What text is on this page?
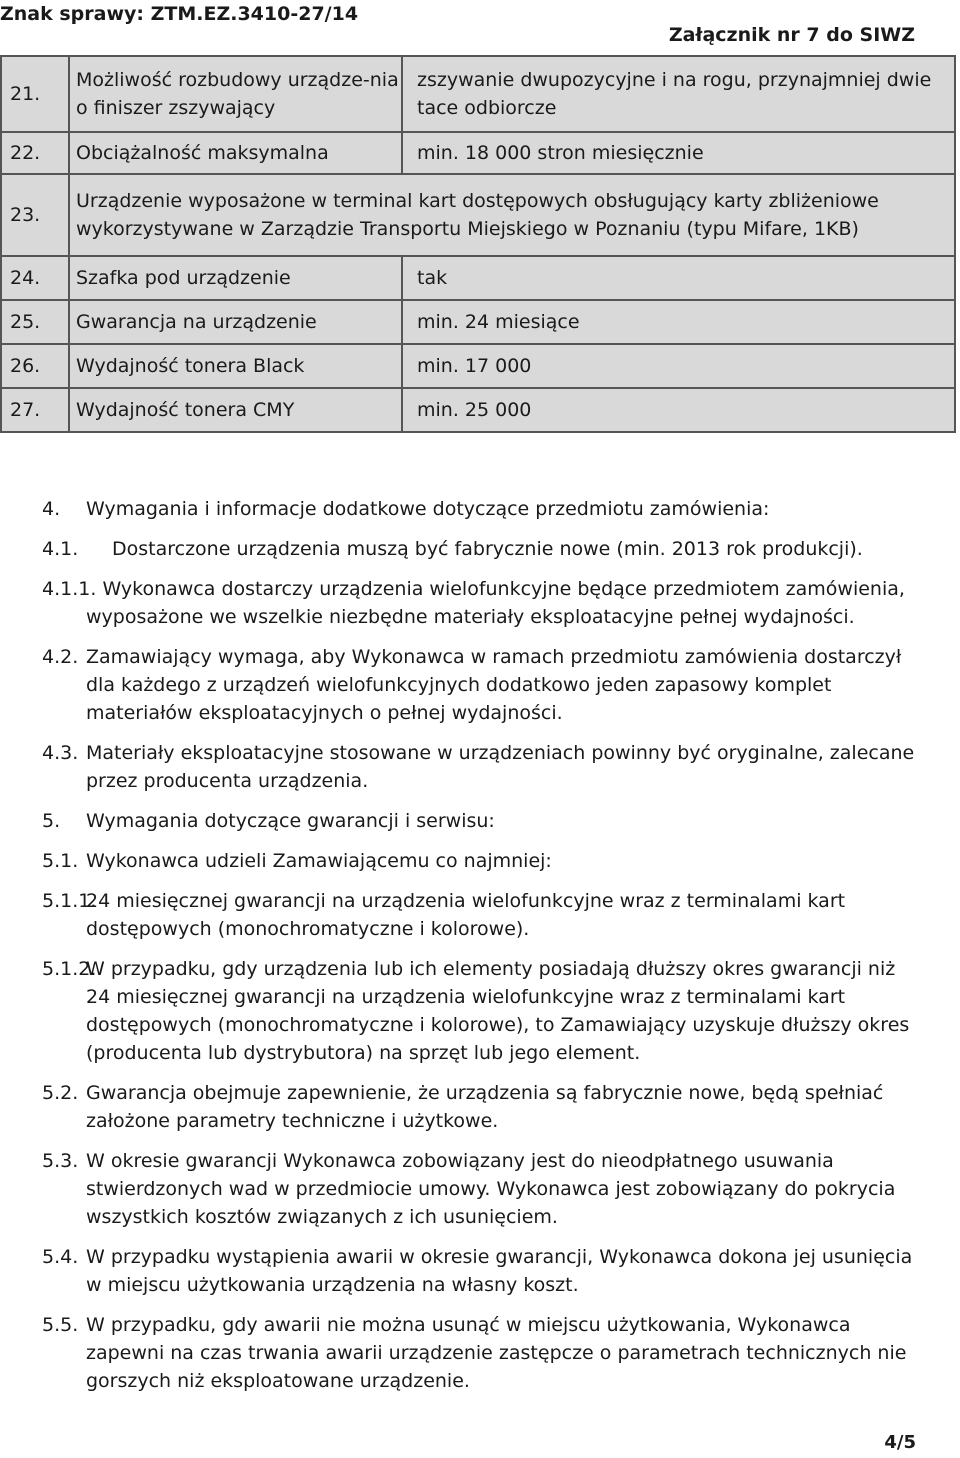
Znak sprawy: ZTM.EZ.3410-27/14
Załącznik nr 7 do SIWZ
21.	Możliwość rozbudowy urządze-nia o finiszer zszywający	zszywanie dwupozycyjne i na rogu, przynajmniej dwie tace odbiorcze
22.	Obciążalność maksymalna	min. 18 000 stron miesięcznie
23.	Urządzenie wyposażone w terminal kart dostępowych obsługujący karty zbliżeniowe wykorzystywane w Zarządzie Transportu Miejskiego w Poznaniu (typu Mifare, 1KB)	
24.	Szafka pod urządzenie	tak
25.	Gwarancja na urządzenie	min. 24 miesiące
26.	Wydajność tonera Black	min. 17 000
27.	Wydajność tonera CMY	min. 25 000
4.	Wymagania i informacje dodatkowe dotyczące przedmiotu zamówienia:
4.1.	Dostarczone urządzenia muszą być fabrycznie nowe (min. 2013 rok produkcji).
4.1.1. Wykonawca dostarczy urządzenia wielofunkcyjne będące przedmiotem zamówienia, wyposażone we wszelkie niezbędne materiały eksploatacyjne pełnej wydajności.
4.2. Zamawiający wymaga, aby Wykonawca w ramach przedmiotu zamówienia dostarczył dla każdego z urządzeń wielofunkcyjnych dodatkowo jeden zapasowy komplet materiałów eksploatacyjnych o pełnej wydajności.
4.3. Materiały eksploatacyjne stosowane w urządzeniach powinny być oryginalne, zalecane przez producenta urządzenia.
5.	Wymagania dotyczące gwarancji i serwisu:
5.1. Wykonawca udzieli Zamawiającemu co najmniej:
5.1.1.
24 miesięcznej gwarancji na urządzenia wielofunkcyjne wraz z terminalami kart dostępowych (monochromatyczne i kolorowe).
5.1.2.
W przypadku, gdy urządzenia lub ich elementy posiadają dłuższy okres gwarancji niż 24 miesięcznej gwarancji na urządzenia wielofunkcyjne wraz z terminalami kart dostępowych (monochromatyczne i kolorowe), to Zamawiający uzyskuje dłuższy okres (producenta lub dystrybutora) na sprzęt lub jego element.
5.2. Gwarancja obejmuje zapewnienie, że urządzenia są fabrycznie nowe, będą spełniać założone parametry techniczne i użytkowe.
5.3. W okresie gwarancji Wykonawca zobowiązany jest do nieodpłatnego usuwania stwierdzonych wad w przedmiocie umowy. Wykonawca jest zobowiązany do pokrycia wszystkich kosztów związanych z ich usunięciem.
5.4. W przypadku wystąpienia awarii w okresie gwarancji, Wykonawca dokona jej usunięcia w miejscu użytkowania urządzenia na własny koszt.
5.5. W przypadku, gdy awarii nie można usunąć w miejscu użytkowania, Wykonawca zapewni na czas trwania awarii urządzenie zastępcze o parametrach technicznych nie gorszych niż eksploatowane urządzenie.
4/5
